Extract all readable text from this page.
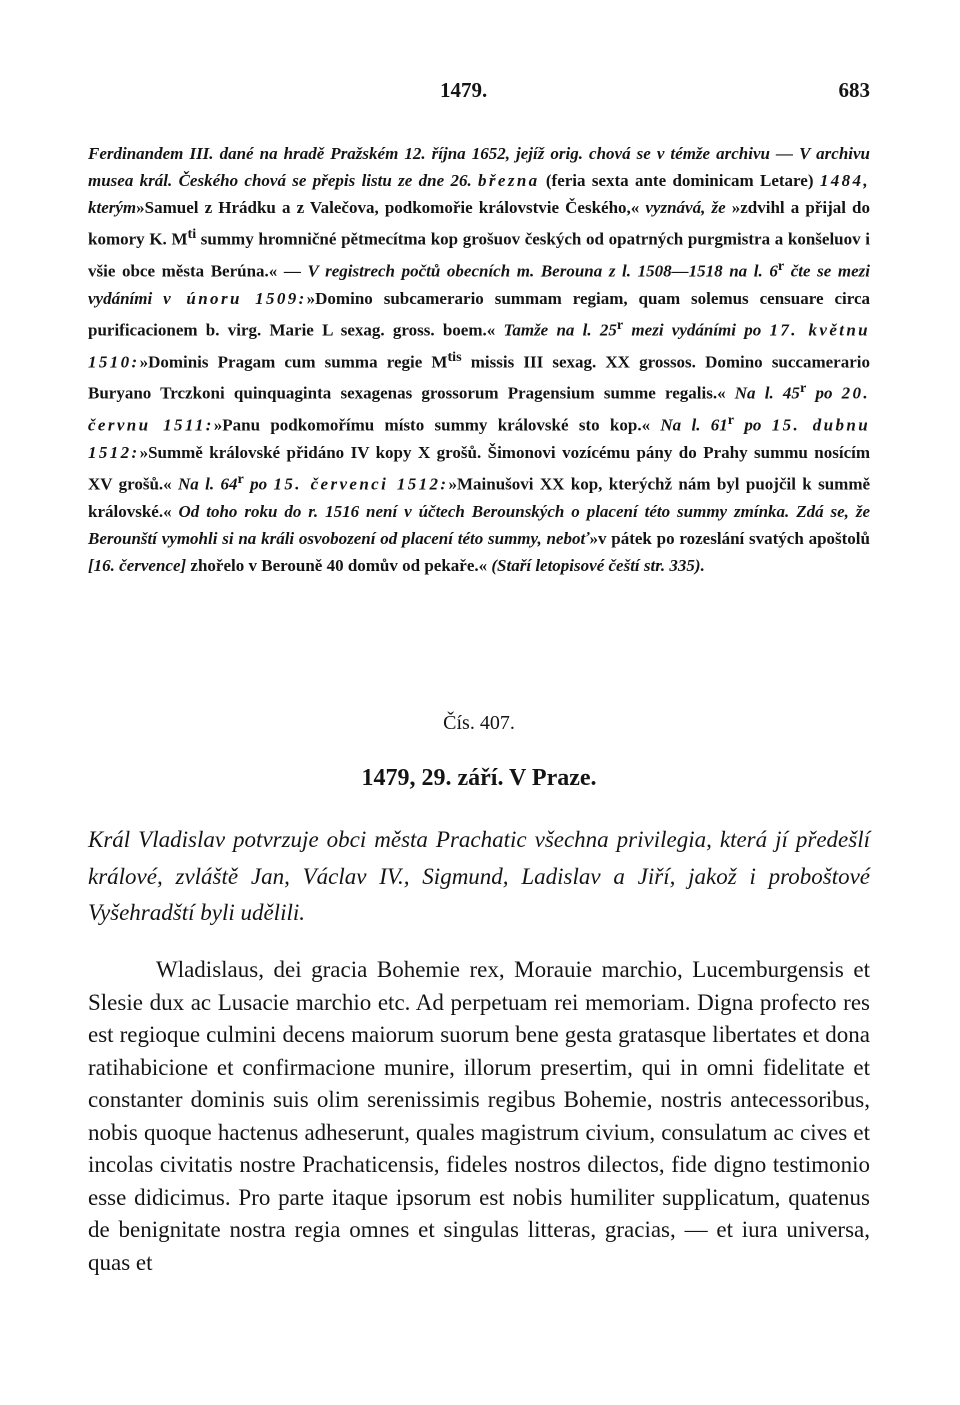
1479.	683

Ferdinandem III. dané na hradě Pražském 12. října 1652, jejíž orig. chová se v témže archivu — V archivu musea král. Českého chová se přepis listu ze dne 26. března (feria sexta ante dominicam Letare) 1484, kterým»Samuel z Hrádku a z Valečova, podkomořie královstvie Českého,« vyznává, že »zdvihl a přijal do komory K. $M^{ti}$ summy hromničné pětmecítma kop grošuov českých od opatrných purgmistra a konšeluov i všie obce města Berúna.« — V registrech počtů obecních m. Berouna z l. 1508—1518 na l. 6$^r$ čte se mezi vydáními v únoru 1509:»Domino subcamerario summam regiam, quam solemus censuare circa purificacionem b. virg. Marie L sexag. gross. boem.« Tamže na l. 25$^r$ mezi vydáními po 17. květnu 1510:»Dominis Pragam cum summa regie $M^{tis}$ missis III sexag. XX grossos. Domino succamerario Buryano Trczkoni quinquaginta sexagenas grossorum Pragensium summe regalis.« Na l. 45$^r$ po 20. červnu 1511:»Panu podkomořímu místo summy královské sto kop.« Na l. 61$^r$ po 15. dubnu 1512:»Summě královské přidáno IV kopy X grošů. Šimonovi vozícému pány do Prahy summu nosícím XV grošů.« Na l. 64$^r$ po 15. červenci 1512:»Mainušovi XX kop, kterýchž nám byl puojčil k summě královské.« Od toho roku do r. 1516 není v účtech Berounských o placení této summy zmínka. Zdá se, že Berounští vymohli si na králi osvobození od placení této summy, neboť»v pátek po rozeslání svatých apoštolů [16. července] zhořelo v Berouně 40 domův od pekaře.« (Staří letopisové čeští str. 335).

Čís. 407.
1479, 29. září. V Praze.

Král Vladislav potvrzuje obci města Prachatic všechna privilegia, která jí předešlí králové, zvláště Jan, Václav IV., Sigmund, Ladislav a Jiří, jakož i proboštové Vyšehradští byli udělili.

Wladislaus, dei gracia Bohemie rex, Morauie marchio, Lucemburgensis et Slesie dux ac Lusacie marchio etc. Ad perpetuam rei memoriam. Digna profecto res est regioque culmini decens maiorum suorum bene gesta gratasque libertates et dona ratihabicione et confirmacione munire, illorum presertim, qui in omni fidelitate et constanter dominis suis olim serenissimis regibus Bohemie, nostris antecessoribus, nobis quoque hactenus adheserunt, quales magistrum civium, consulatum ac cives et incolas civitatis nostre Prachaticensis, fideles nostros dilectos, fide digno testimonio esse didicimus. Pro parte itaque ipsorum est nobis humiliter supplicatum, quatenus de benignitate nostra regia omnes et singulas litteras, gracias, — et iura universa, quas et
